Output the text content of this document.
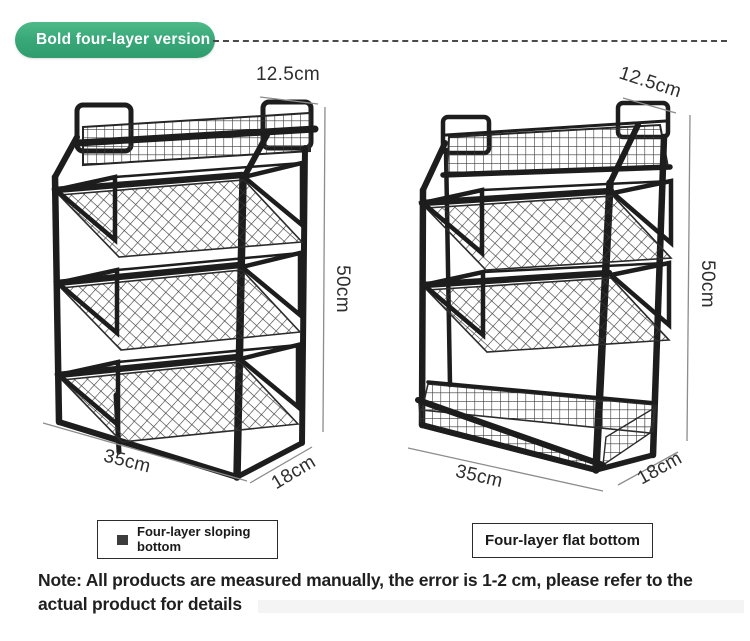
Bold four-layer version
12.5cm
50cm
35cm	18cm
12.5cm
50cm
35cm	18cm
Four-layer sloping bottom	Four-layer flat bottom
Note: All products are measured manually, the error is 1-2 cm, please refer to the actual product for details
